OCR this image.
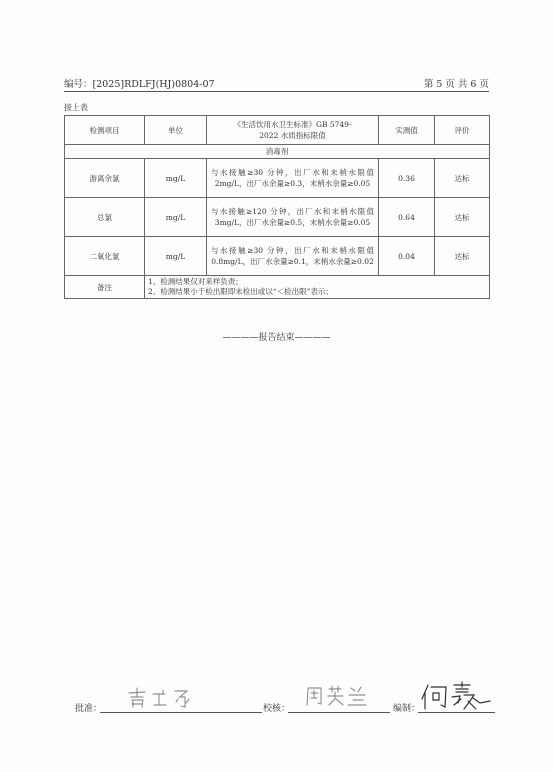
编号：[2025]RDLFJ(HJ)0804-07	第 5 页 共 6 页
接上表
检测项目	单位	《生活饮用水卫生标准》GB 5749-2022 水质指标限值	实测值	评价
消毒剂				
游离余氯	mg/L	与水接触≥30 分钟，出厂水和末梢水限值 2mg/L，出厂水余量≥0.3，末梢水余量≥0.05	0.36	达标
总氯	mg/L	与水接触≥120 分钟，出厂水和末梢水限值 3mg/L，出厂水余量≥0.5，末梢水余量≥0.05	0.64	达标
二氧化氯	mg/L	与水接触≥30 分钟，出厂水和末梢水限值 0.8mg/L，出厂水余量≥0.1，末梢水余量≥0.02	0.04	达标
备注	1、检测结果仅对来样负责；
2、检测结果小于检出限即未检出或以“＜检出限”表示；			
————报告结束————
批准：	校核：	编制：
